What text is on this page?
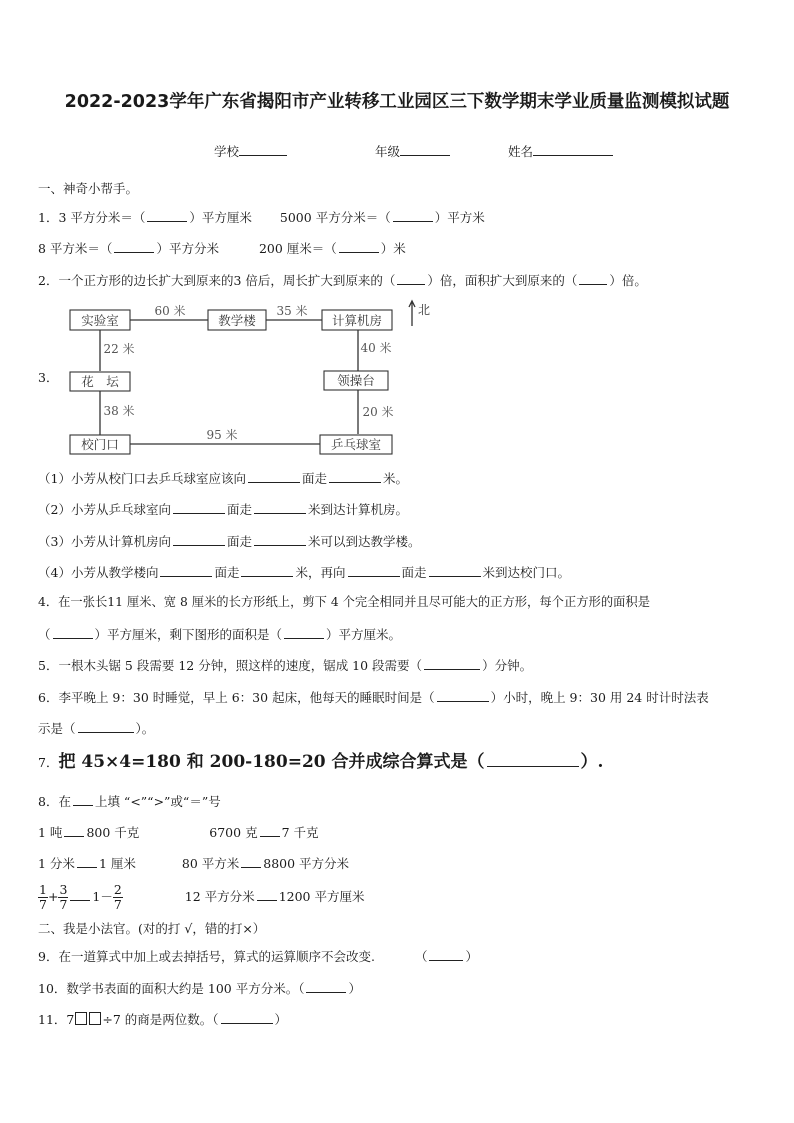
2022-2023学年广东省揭阳市产业转移工业园区三下数学期末学业质量监测模拟试题
学校	年级	姓名
一、神奇小帮手。
1．3 平方分米＝（	）平方厘米 5000 平方分米＝（	）平方米
8 平方米＝（	）平方分米	200 厘米＝（	）米
2．一个正方形的边长扩大到原来的3 倍后，周长扩大到原来的（	）倍，面积扩大到原来的（	）倍。
3．
实验室	教学楼	计算机房
花　坛	领操台
校门口	乒乓球室
60 米	35 米
22 米	40 米
38 米	20 米
95 米
北
（1）小芳从校门口去乒乓球室应该向	面走	米。
（2）小芳从乒乓球室向	面走	米到达计算机房。
（3）小芳从计算机房向	面走	米可以到达教学楼。
（4）小芳从教学楼向	面走	米，再向	面走	米到达校门口。
4．在一张长11 厘米、宽 8 厘米的长方形纸上，剪下 4 个完全相同并且尽可能大的正方形，每个正方形的面积是
（	）平方厘米，剩下图形的面积是（	）平方厘米。
5．一根木头锯 5 段需要 12 分钟，照这样的速度，锯成 10 段需要（	）分钟。
6．李平晚上 9：30 时睡觉，早上 6：30 起床，他每天的睡眠时间是（	）小时，晚上 9：30 用 24 时计时法表
示是（	）。
7．把 45×4=180 和 200-180=20 合并成综合算式是（	）.
8．在 上填 “<”“>”或“＝”号
1 吨 800 千克	6700 克 7 千克
1 分米 1 厘米	80 平方米 8800 平方分米
$\frac{1}{7} + \frac{3}{7} 1- \frac{2}{7}$	12 平方分米 1200 平方厘米
二、我是小法官。(对的打 √，错的打×）
9．在一道算式中加上或去掉括号，算式的运算顺序不会改变.	（	）
10．数学书表面的面积大约是 100 平方分米。（	）
11．7 ÷7 的商是两位数。（	）
